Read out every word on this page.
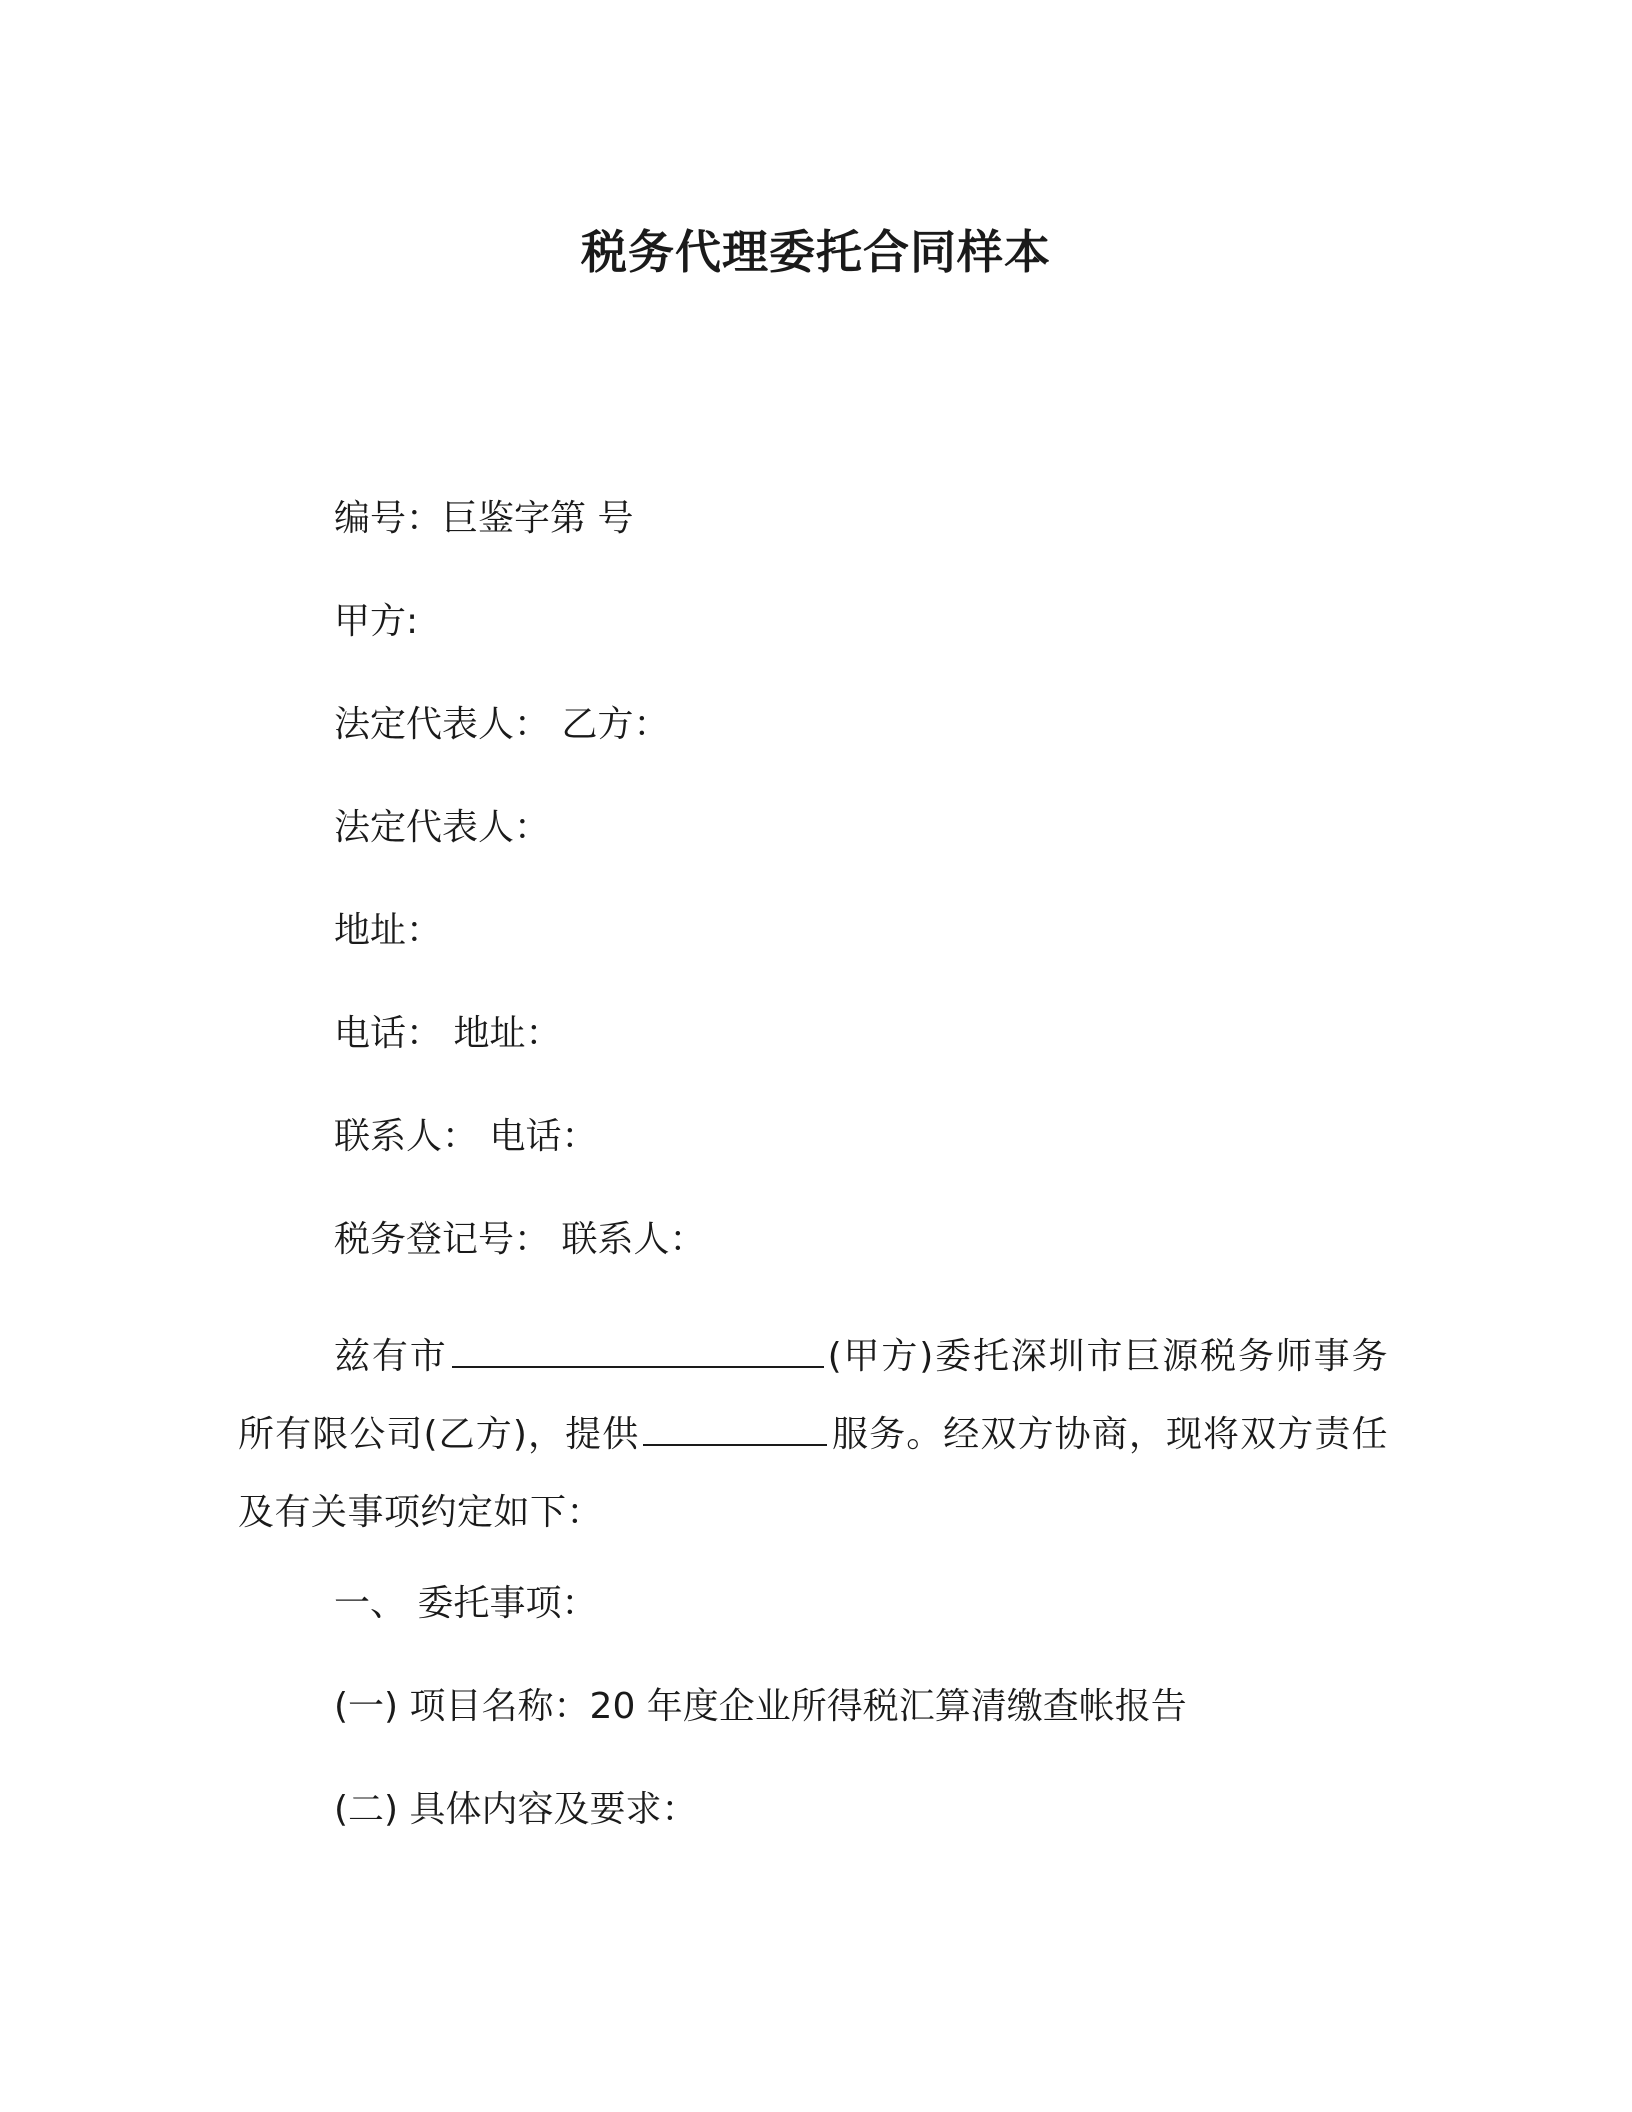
税务代理委托合同样本
编号：巨鉴字第 号
甲方:
法定代表人： 乙方：
法定代表人：
地址：
电话： 地址：
联系人： 电话：
税务登记号： 联系人：
兹有市	(甲方)委托深圳市巨源税务师事务所有限公司(乙方)，提供	服务。经双方协商，现将双方责任及有关事项约定如下：
一、 委托事项：
(一) 项目名称：20 年度企业所得税汇算清缴查帐报告
(二) 具体内容及要求：
